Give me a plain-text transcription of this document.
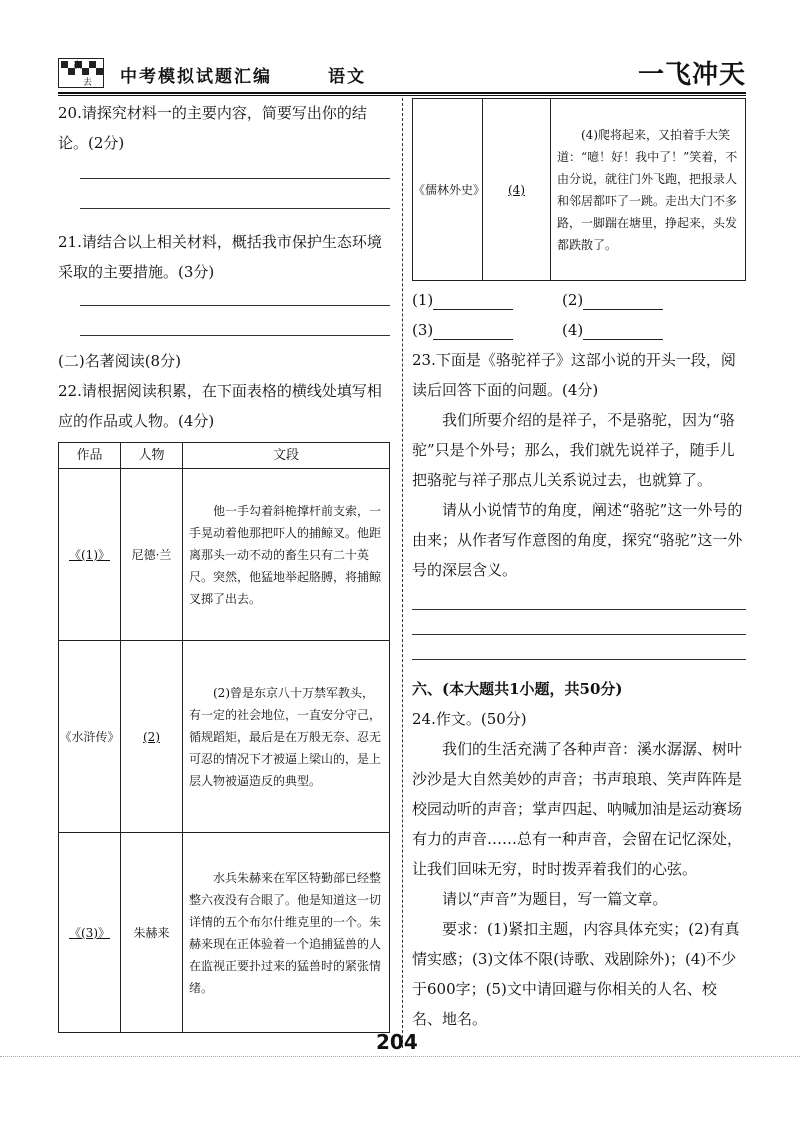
赢
去 中考模拟试题汇编	语文	一飞冲天

20.请探究材料一的主要内容，简要写出你的结论。(2分)

21.请结合以上相关材料，概括我市保护生态环境采取的主要措施。(3分)

(二)名著阅读(8分)

22.请根据阅读积累，在下面表格的横线处填写相应的作品或人物。(4分)

作品	人物	文段
《(1)》	尼德·兰	他一手勾着斜桅撑杆前支索，一手晃动着他那把吓人的捕鲸叉。他距离那头一动不动的畜生只有二十英尺。突然，他猛地举起胳膊，将捕鲸叉掷了出去。
《水浒传》	(2)	(2)曾是东京八十万禁军教头，有一定的社会地位，一直安分守己，循规蹈矩，最后是在万般无奈、忍无可忍的情况下才被逼上梁山的，是上层人物被逼造反的典型。
《(3)》	朱赫来	水兵朱赫来在军区特勤部已经整整六夜没有合眼了。他是知道这一切详情的五个布尔什维克里的一个。朱赫来现在正体验着一个追捕猛兽的人在监视正要扑过来的猛兽时的紧张情绪。
《儒林外史》	(4)	(4)爬将起来，又拍着手大笑道：“噫！好！我中了！”笑着，不由分说，就往门外飞跑，把报录人和邻居都吓了一跳。走出大门不多路，一脚踹在塘里，挣起来，头发都跌散了。
(1)	(2)
(3)	(4)

23.下面是《骆驼祥子》这部小说的开头一段，阅读后回答下面的问题。(4分)

我们所要介绍的是祥子，不是骆驼，因为“骆驼”只是个外号；那么，我们就先说祥子，随手儿把骆驼与祥子那点儿关系说过去，也就算了。

请从小说情节的角度，阐述“骆驼”这一外号的由来；从作者写作意图的角度，探究“骆驼”这一外号的深层含义。

六、(本大题共1小题，共50分)

24.作文。(50分)

我们的生活充满了各种声音：溪水潺潺、树叶沙沙是大自然美妙的声音；书声琅琅、笑声阵阵是校园动听的声音；掌声四起、呐喊加油是运动赛场有力的声音……总有一种声音，会留在记忆深处，让我们回味无穷，时时拨弄着我们的心弦。

请以“声音”为题目，写一篇文章。

要求：(1)紧扣主题，内容具体充实；(2)有真情实感；(3)文体不限(诗歌、戏剧除外)；(4)不少于600字；(5)文中请回避与你相关的人名、校名、地名。

204
